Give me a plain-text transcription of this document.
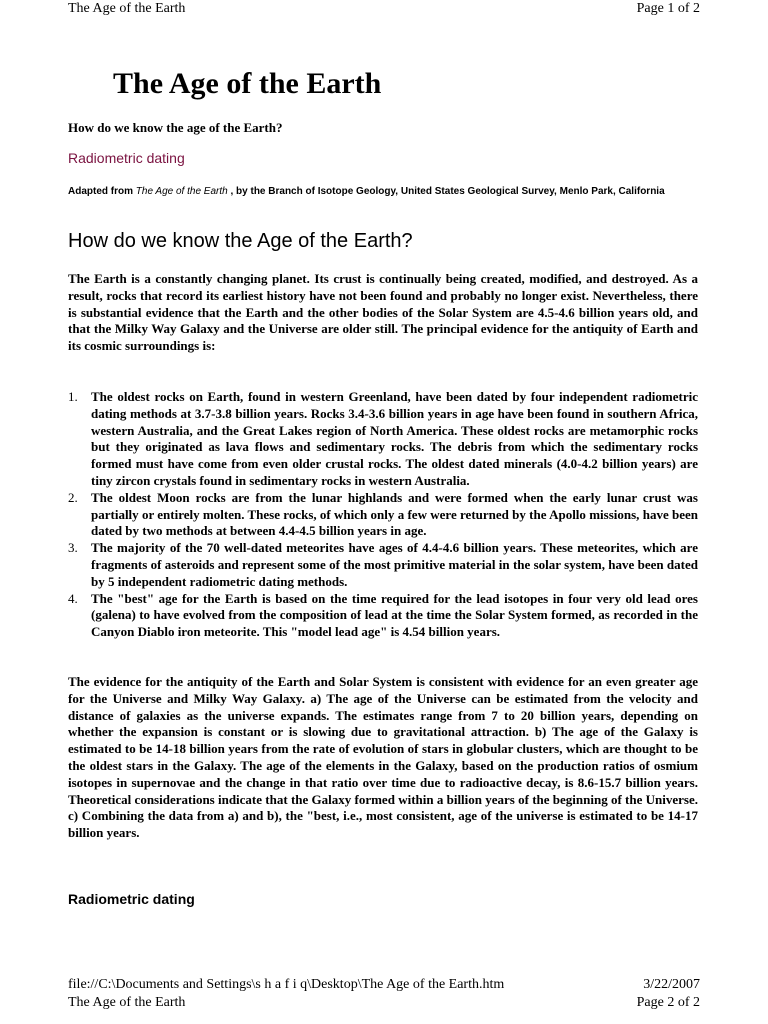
The Age of the Earth	Page 1 of 2
The Age of the Earth
How do we know the age of the Earth?
Radiometric dating
Adapted from The Age of the Earth , by the Branch of Isotope Geology, United States Geological Survey, Menlo Park, California
How do we know the Age of the Earth?

The Earth is a constantly changing planet. Its crust is continually being created, modified, and destroyed. As a result, rocks that record its earliest history have not been found and probably no longer exist. Nevertheless, there is substantial evidence that the Earth and the other bodies of the Solar System are 4.5-4.6 billion years old, and that the Milky Way Galaxy and the Universe are older still. The principal evidence for the antiquity of Earth and its cosmic surroundings is:

1. The oldest rocks on Earth, found in western Greenland, have been dated by four independent radiometric dating methods at 3.7-3.8 billion years. Rocks 3.4-3.6 billion years in age have been found in southern Africa, western Australia, and the Great Lakes region of North America. These oldest rocks are metamorphic rocks but they originated as lava flows and sedimentary rocks. The debris from which the sedimentary rocks formed must have come from even older crustal rocks. The oldest dated minerals (4.0-4.2 billion years) are tiny zircon crystals found in sedimentary rocks in western Australia.
2. The oldest Moon rocks are from the lunar highlands and were formed when the early lunar crust was partially or entirely molten. These rocks, of which only a few were returned by the Apollo missions, have been dated by two methods at between 4.4-4.5 billion years in age.
3. The majority of the 70 well-dated meteorites have ages of 4.4-4.6 billion years. These meteorites, which are fragments of asteroids and represent some of the most primitive material in the solar system, have been dated by 5 independent radiometric dating methods.
4. The "best" age for the Earth is based on the time required for the lead isotopes in four very old lead ores (galena) to have evolved from the composition of lead at the time the Solar System formed, as recorded in the Canyon Diablo iron meteorite. This "model lead age" is 4.54 billion years.

The evidence for the antiquity of the Earth and Solar System is consistent with evidence for an even greater age for the Universe and Milky Way Galaxy. a) The age of the Universe can be estimated from the velocity and distance of galaxies as the universe expands. The estimates range from 7 to 20 billion years, depending on whether the expansion is constant or is slowing due to gravitational attraction. b) The age of the Galaxy is estimated to be 14-18 billion years from the rate of evolution of stars in globular clusters, which are thought to be the oldest stars in the Galaxy. The age of the elements in the Galaxy, based on the production ratios of osmium isotopes in supernovae and the change in that ratio over time due to radioactive decay, is 8.6-15.7 billion years. Theoretical considerations indicate that the Galaxy formed within a billion years of the beginning of the Universe. c) Combining the data from a) and b), the "best, i.e., most consistent, age of the universe is estimated to be 14-17 billion years.

Radiometric dating
file://C:\Documents and Settings\s h a f i q\Desktop\The Age of the Earth.htm	3/22/2007
The Age of the Earth	Page 2 of 2
